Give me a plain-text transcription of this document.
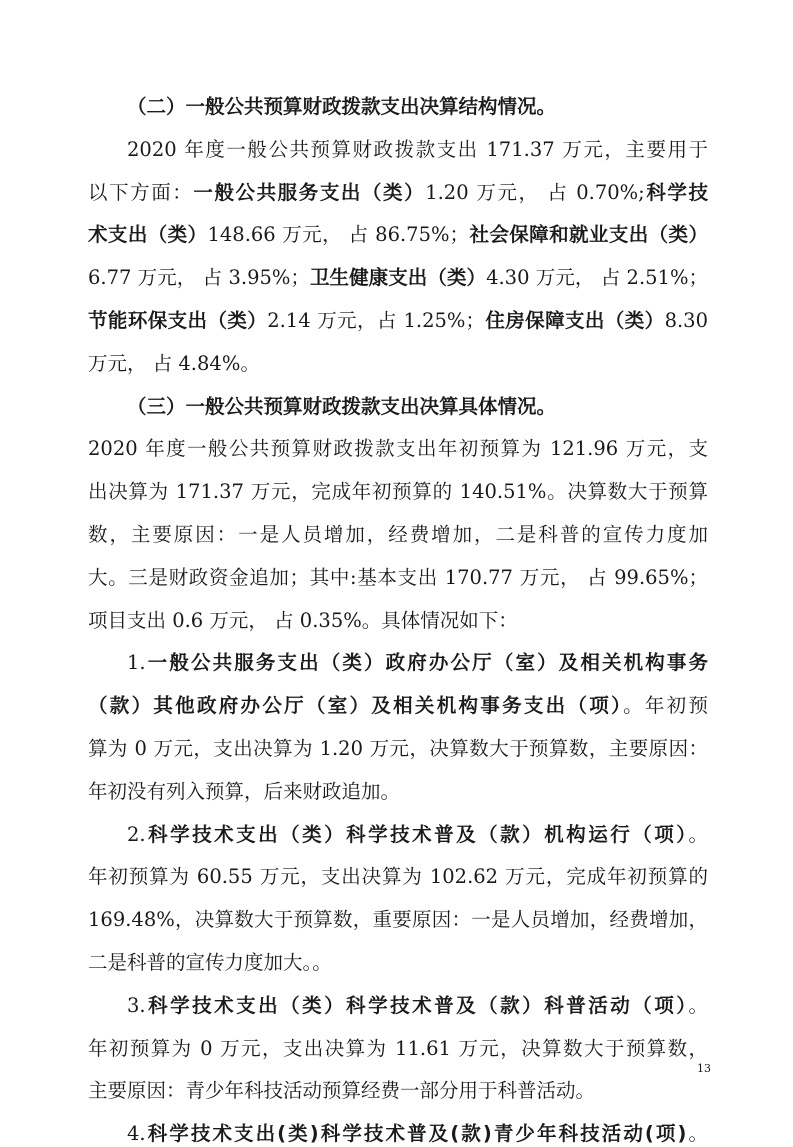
（二）一般公共预算财政拨款支出决算结构情况。
2020 年度一般公共预算财政拨款支出 171.37 万元，主要用于
以下方面：一般公共服务支出（类）1.20 万元， 占 0.70%;科学技
术支出（类）148.66 万元， 占 86.75%；社会保障和就业支出（类）
6.77 万元， 占 3.95%；卫生健康支出（类）4.30 万元， 占 2.51%；
节能环保支出（类）2.14 万元，占 1.25%；住房保障支出（类）8.30
万元， 占 4.84%。
（三）一般公共预算财政拨款支出决算具体情况。
2020 年度一般公共预算财政拨款支出年初预算为 121.96 万元，支
出决算为 171.37 万元，完成年初预算的 140.51%。决算数大于预算
数，主要原因：一是人员增加，经费增加，二是科普的宣传力度加
大。三是财政资金追加；其中:基本支出 170.77 万元， 占 99.65%；
项目支出 0.6 万元， 占 0.35%。具体情况如下：
1.一般公共服务支出（类）政府办公厅（室）及相关机构事务
（款）其他政府办公厅（室）及相关机构事务支出（项）。年初预
算为 0 万元，支出决算为 1.20 万元，决算数大于预算数，主要原因：
年初没有列入预算，后来财政追加。
2.科学技术支出（类）科学技术普及（款）机构运行（项）。
年初预算为 60.55 万元，支出决算为 102.62 万元，完成年初预算的
169.48%，决算数大于预算数，重要原因：一是人员增加，经费增加，
二是科普的宣传力度加大。。
3.科学技术支出（类）科学技术普及（款）科普活动（项）。
年初预算为 0 万元，支出决算为 11.61 万元，决算数大于预算数，
主要原因：青少年科技活动预算经费一部分用于科普活动。
4.科学技术支出(类)科学技术普及(款)青少年科技活动(项)。
13
